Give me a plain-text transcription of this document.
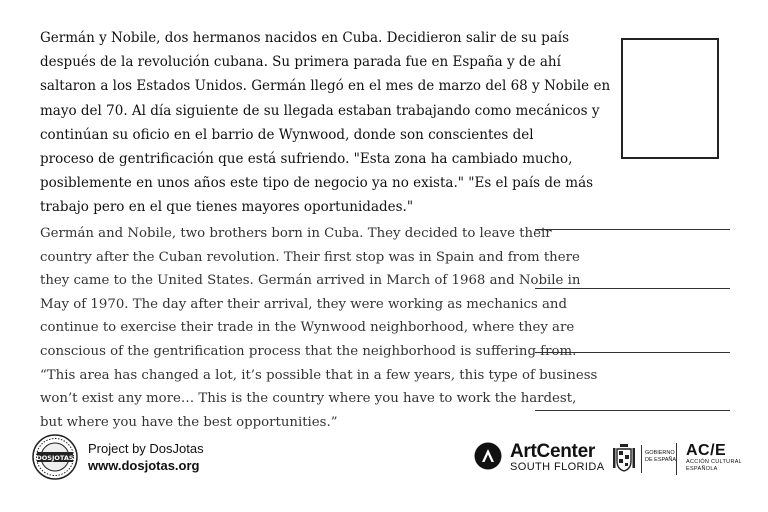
Germán y Nobile, dos hermanos nacidos en Cuba. Decidieron salir de su país
después de la revolución cubana. Su primera parada fue en España y de ahí
saltaron a los Estados Unidos. Germán llegó en el mes de marzo del 68 y Nobile en
mayo del 70. Al día siguiente de su llegada estaban trabajando como mecánicos y
continúan su oficio en el barrio de Wynwood, donde son conscientes del
proceso de gentrificación que está sufriendo. "Esta zona ha cambiado mucho,
posiblemente en unos años este tipo de negocio ya no exista." "Es el país de más
trabajo pero en el que tienes mayores oportunidades."
Germán and Nobile, two brothers born in Cuba. They decided to leave their
country after the Cuban revolution. Their first stop was in Spain and from there
they came to the United States. Germán arrived in March of 1968 and Nobile in
May of 1970. The day after their arrival, they were working as mechanics and
continue to exercise their trade in the Wynwood neighborhood, where they are
conscious of the gentrification process that the neighborhood is suffering from.
“This area has changed a lot, it’s possible that in a few years, this type of business
won’t exist any more… This is the country where you have to work the hardest,
but where you have the best opportunities.”
DOSJOTAS
Project by DosJotas
www.dosjotas.org
ArtCenter
SOUTH FLORIDA
GOBIERNO
DE ESPAÑA
AC/E
ACCIÓN CULTURAL
ESPAÑOLA
